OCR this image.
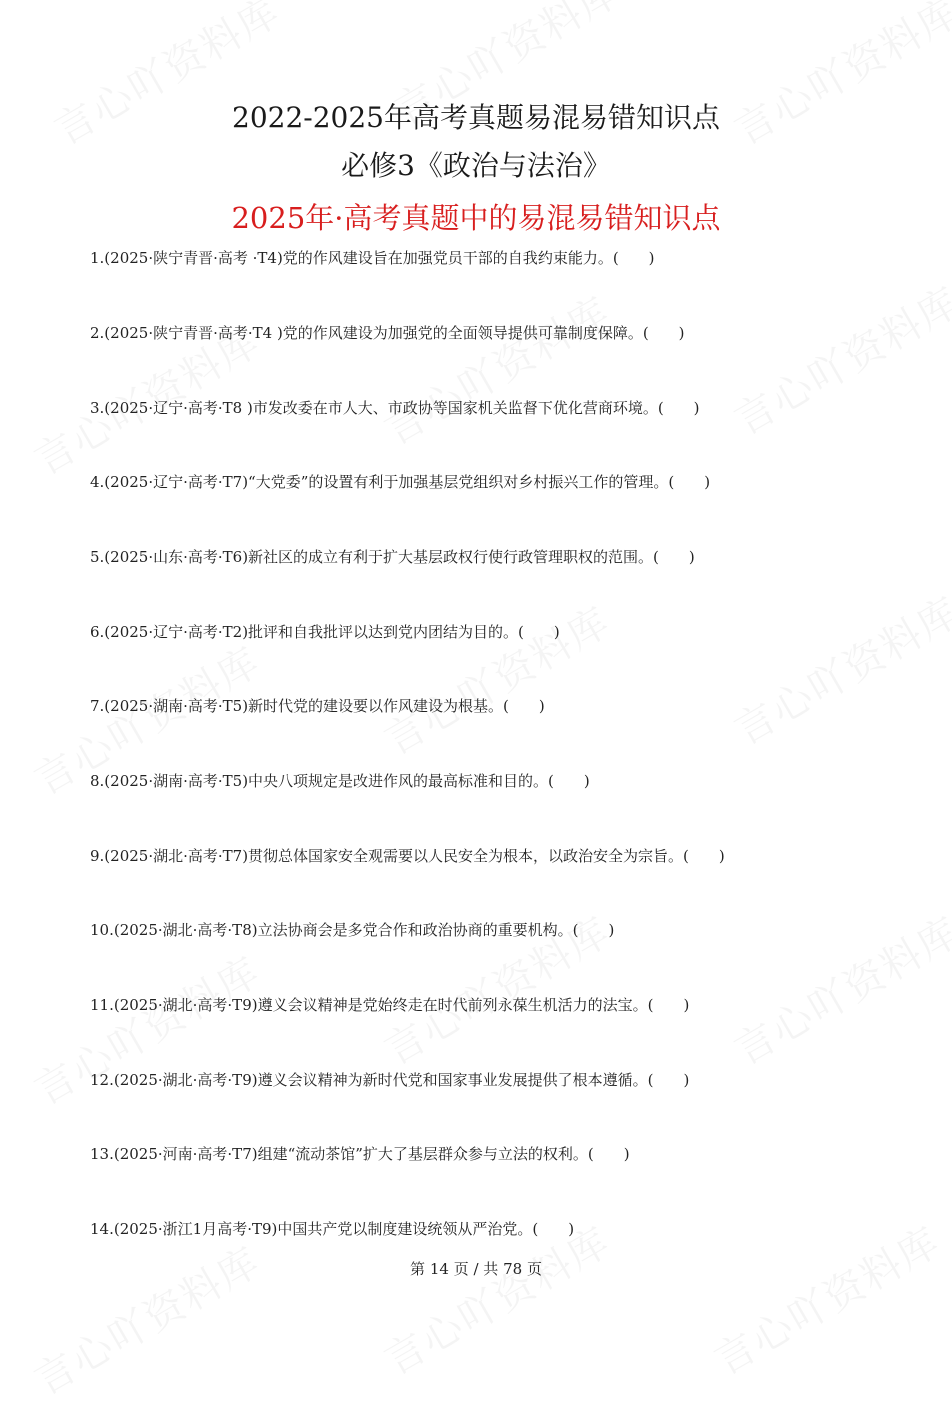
2022-2025年高考真题易混易错知识点
必修3《政治与法治》
2025年·高考真题中的易混易错知识点
1.(2025·陕宁青晋·高考 ·T4)党的作风建设旨在加强党员干部的自我约束能力。(　　)
2.(2025·陕宁青晋·高考·T4 )党的作风建设为加强党的全面领导提供可靠制度保障。(　　)
3.(2025·辽宁·高考·T8 )市发改委在市人大、市政协等国家机关监督下优化营商环境。(　　)
4.(2025·辽宁·高考·T7)“大党委”的设置有利于加强基层党组织对乡村振兴工作的管理。(　　)
5.(2025·山东·高考·T6)新社区的成立有利于扩大基层政权行使行政管理职权的范围。(　　)
6.(2025·辽宁·高考·T2)批评和自我批评以达到党内团结为目的。(　　)
7.(2025·湖南·高考·T5)新时代党的建设要以作风建设为根基。(　　)
8.(2025·湖南·高考·T5)中央八项规定是改进作风的最高标准和目的。(　　)
9.(2025·湖北·高考·T7)贯彻总体国家安全观需要以人民安全为根本，以政治安全为宗旨。(　　)
10.(2025·湖北·高考·T8)立法协商会是多党合作和政治协商的重要机构。(　　)
11.(2025·湖北·高考·T9)遵义会议精神是党始终走在时代前列永葆生机活力的法宝。(　　)
12.(2025·湖北·高考·T9)遵义会议精神为新时代党和国家事业发展提供了根本遵循。(　　)
13.(2025·河南·高考·T7)组建“流动茶馆”扩大了基层群众参与立法的权利。(　　)
14.(2025·浙江1月高考·T9)中国共产党以制度建设统领从严治党。(　　)
第 14 页 / 共 78 页
